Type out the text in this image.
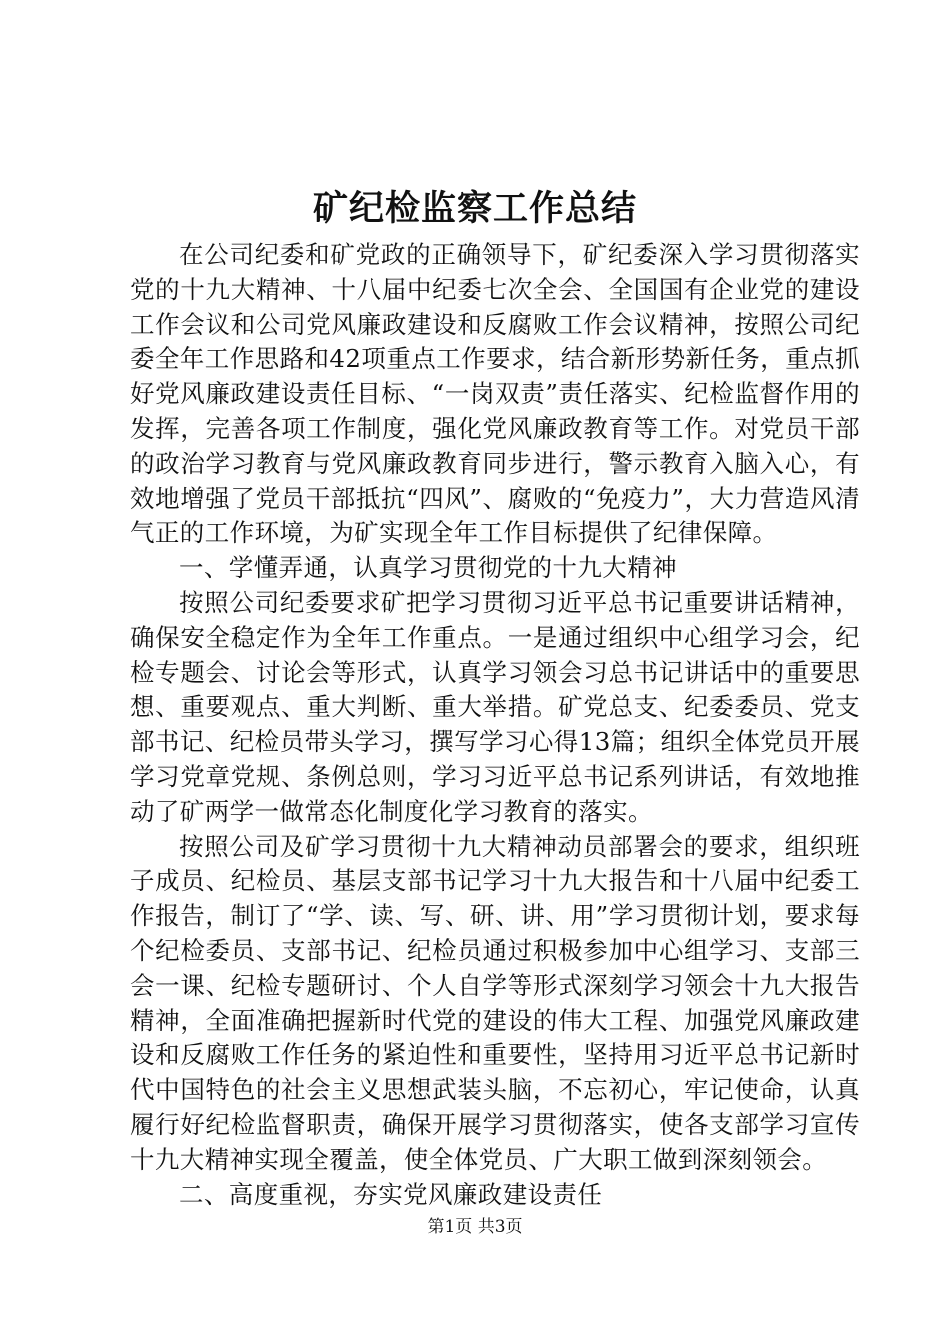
矿纪检监察工作总结

在公司纪委和矿党政的正确领导下，矿纪委深入学习贯彻落实党的十九大精神、十八届中纪委七次全会、全国国有企业党的建设工作会议和公司党风廉政建设和反腐败工作会议精神，按照公司纪委全年工作思路和42项重点工作要求，结合新形势新任务，重点抓好党风廉政建设责任目标、“一岗双责”责任落实、纪检监督作用的发挥，完善各项工作制度，强化党风廉政教育等工作。对党员干部的政治学习教育与党风廉政教育同步进行，警示教育入脑入心，有效地增强了党员干部抵抗“四风”、腐败的“免疫力”，大力营造风清气正的工作环境，为矿实现全年工作目标提供了纪律保障。

一、学懂弄通，认真学习贯彻党的十九大精神

按照公司纪委要求矿把学习贯彻习近平总书记重要讲话精神，确保安全稳定作为全年工作重点。一是通过组织中心组学习会，纪检专题会、讨论会等形式，认真学习领会习总书记讲话中的重要思想、重要观点、重大判断、重大举措。矿党总支、纪委委员、党支部书记、纪检员带头学习，撰写学习心得13篇；组织全体党员开展学习党章党规、条例总则，学习习近平总书记系列讲话，有效地推动了矿两学一做常态化制度化学习教育的落实。

按照公司及矿学习贯彻十九大精神动员部署会的要求，组织班子成员、纪检员、基层支部书记学习十九大报告和十八届中纪委工作报告，制订了“学、读、写、研、讲、用”学习贯彻计划，要求每个纪检委员、支部书记、纪检员通过积极参加中心组学习、支部三会一课、纪检专题研讨、个人自学等形式深刻学习领会十九大报告精神，全面准确把握新时代党的建设的伟大工程、加强党风廉政建设和反腐败工作任务的紧迫性和重要性，坚持用习近平总书记新时代中国特色的社会主义思想武装头脑，不忘初心，牢记使命，认真履行好纪检监督职责，确保开展学习贯彻落实，使各支部学习宣传十九大精神实现全覆盖，使全体党员、广大职工做到深刻领会。

二、高度重视，夯实党风廉政建设责任

第1页 共3页
